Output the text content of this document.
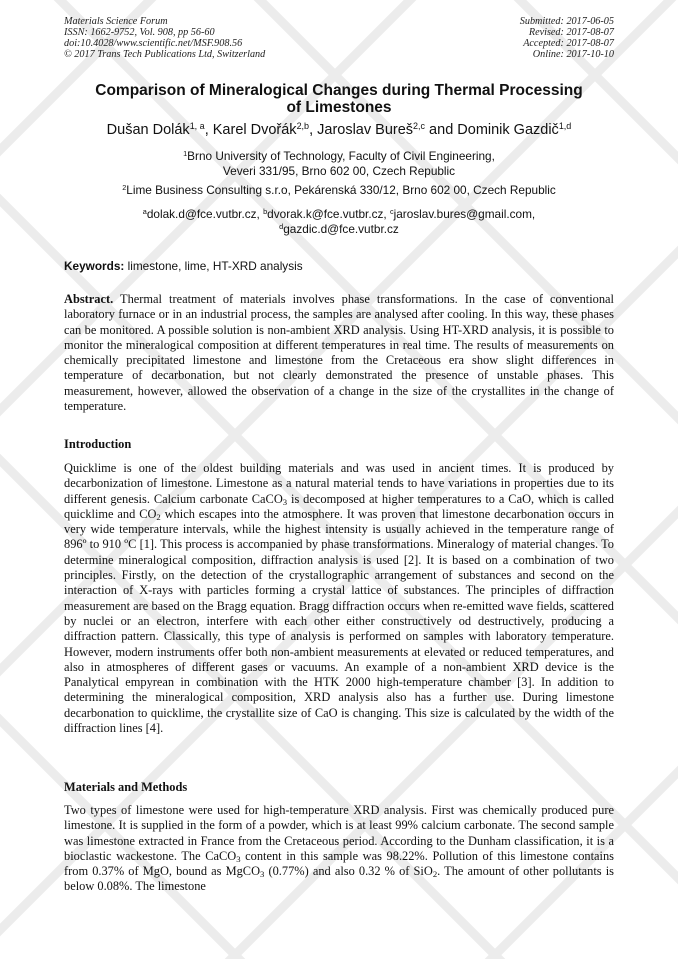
Materials Science Forum
ISSN: 1662-9752, Vol. 908, pp 56-60
doi:10.4028/www.scientific.net/MSF.908.56
© 2017 Trans Tech Publications Ltd, Switzerland
Submitted: 2017-06-05
Revised: 2017-08-07
Accepted: 2017-08-07
Online: 2017-10-10
Comparison of Mineralogical Changes during Thermal Processing
of Limestones
Dušan Dolák$^{1, a}$, Karel Dvořák$^{2,b}$, Jaroslav Bureš$^{2,c}$ and Dominik Gazdič$^{1,d}$
$^1$Brno University of Technology, Faculty of Civil Engineering,
Veveri 331/95, Brno 602 00, Czech Republic
$^2$Lime Business Consulting s.r.o, Pekárenská 330/12, Brno 602 00, Czech Republic
$^a$dolak.d@fce.vutbr.cz, $^b$dvorak.k@fce.vutbr.cz, $^c$jaroslav.bures@gmail.com,
$^d$gazdic.d@fce.vutbr.cz
Keywords: limestone, lime, HT-XRD analysis
Abstract. Thermal treatment of materials involves phase transformations. In the case of conventional laboratory furnace or in an industrial process, the samples are analysed after cooling. In this way, these phases can be monitored. A possible solution is non-ambient XRD analysis. Using HT-XRD analysis, it is possible to monitor the mineralogical composition at different temperatures in real time. The results of measurements on chemically precipitated limestone and limestone from the Cretaceous era show slight differences in temperature of decarbonation, but not clearly demonstrated the presence of unstable phases. This measurement, however, allowed the observation of a change in the size of the crystallites in the change of temperature.
Introduction
Quicklime is one of the oldest building materials and was used in ancient times. It is produced by decarbonization of limestone. Limestone as a natural material tends to have variations in properties due to its different genesis. Calcium carbonate CaCO$_3$ is decomposed at higher temperatures to a CaO, which is called quicklime and $CO_2$ which escapes into the atmosphere. It was proven that limestone decarbonation occurs in very wide temperature intervals, while the highest intensity is usually achieved in the temperature range of 896º to 910 ºC [1]. This process is accompanied by phase transformations. Mineralogy of material changes. To determine mineralogical composition, diffraction analysis is used [2]. It is based on a combination of two principles. Firstly, on the detection of the crystallographic arrangement of substances and second on the interaction of X-rays with particles forming a crystal lattice of substances. The principles of diffraction measurement are based on the Bragg equation. Bragg diffraction occurs when re-emitted wave fields, scattered by nuclei or an electron, interfere with each other either constructively od destructively, producing a diffraction pattern. Classically, this type of analysis is performed on samples with laboratory temperature. However, modern instruments offer both non-ambient measurements at elevated or reduced temperatures, and also in atmospheres of different gases or vacuums. An example of a non-ambient XRD device is the Panalytical empyrean in combination with the HTK 2000 high-temperature chamber [3]. In addition to determining the mineralogical composition, XRD analysis also has a further use. During limestone decarbonation to quicklime, the crystallite size of CaO is changing. This size is calculated by the width of the diffraction lines [4].
Materials and Methods
Two types of limestone were used for high-temperature XRD analysis. First was chemically produced pure limestone. It is supplied in the form of a powder, which is at least 99% calcium carbonate. The second sample was limestone extracted in France from the Cretaceous period. According to the Dunham classification, it is a bioclastic wackestone. The CaCO$_3$ content in this sample was 98.22%. Pollution of this limestone contains from 0.37% of MgO, bound as MgCO$_3$ (0.77%) and also 0.32 % of SiO$_2$. The amount of other pollutants is below 0.08%. The limestone
